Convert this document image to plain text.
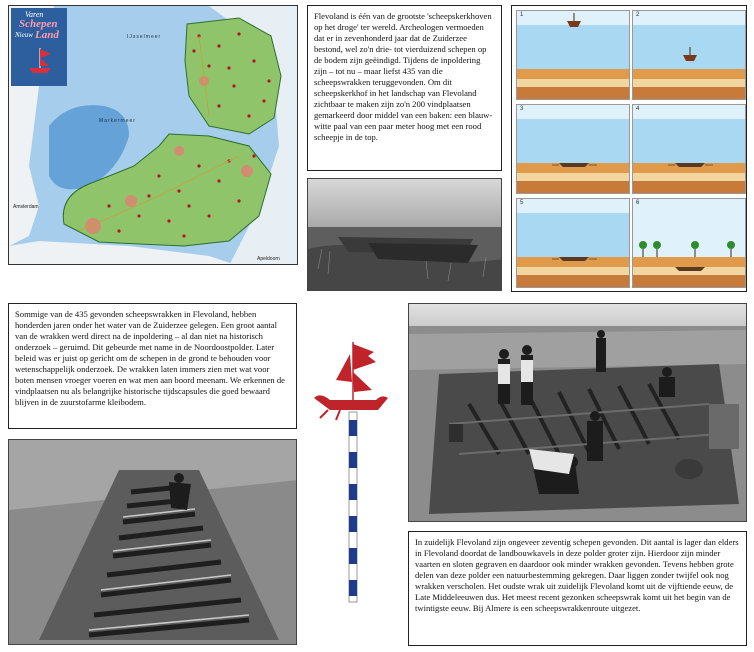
Varen
Schepen
Nieuw Land	IJsselmeer
Markermeer
Amsterdam
Apeldoorn

Flevoland is één van de grootste 'scheepskerkhoven op het droge' ter wereld. Archeologen vermoeden dat er in zevenhonderd jaar dat de Zuiderzee bestond, wel zo'n drie- tot vierduizend schepen op de bodem zijn geëindigd. Tijdens de inpoldering zijn – tot nu – maar liefst 435 van die scheepswrakken teruggevonden. Om dit scheepskerkhof in het landschap van Flevoland zichtbaar te maken zijn zo'n 200 vindplaatsen gemarkeerd door middel van een baken: een blauw-witte paal van een paar meter hoog met een rood scheepje in de top.

1	2
3	4
5	6

Sommige van de 435 gevonden scheepswrakken in Flevoland, hebben honderden jaren onder het water van de Zuiderzee gelegen. Een groot aantal van de wrakken werd direct na de inpoldering – al dan niet na historisch onderzoek – geruimd. Dit gebeurde met name in de Noordoostpolder. Later beleid was er juist op gericht om de schepen in de grond te behouden voor wetenschappelijk onderzoek. De wrakken laten immers zien met wat voor boten mensen vroeger voeren en wat men aan boord meenam. We erkennen de vindplaatsen nu als belangrijke historische tijdscapsules die goed bewaard blijven in de zuurstofarme kleibodem.

In zuidelijk Flevoland zijn ongeveer zeventig schepen gevonden. Dit aantal is lager dan elders in Flevoland doordat de landbouwkavels in deze polder groter zijn. Hierdoor zijn minder vaarten en sloten gegraven en daardoor ook minder wrakken gevonden. Tevens hebben grote delen van deze polder een natuurbestemming gekregen. Daar liggen zonder twijfel ook nog wrakken verscholen. Het oudste wrak uit zuidelijk Flevoland komt uit de vijftiende eeuw, de Late Middeleeuwen dus. Het meest recent gezonken scheepswrak komt uit het begin van de twintigste eeuw. Bij Almere is een scheepswrakkenroute uitgezet.
